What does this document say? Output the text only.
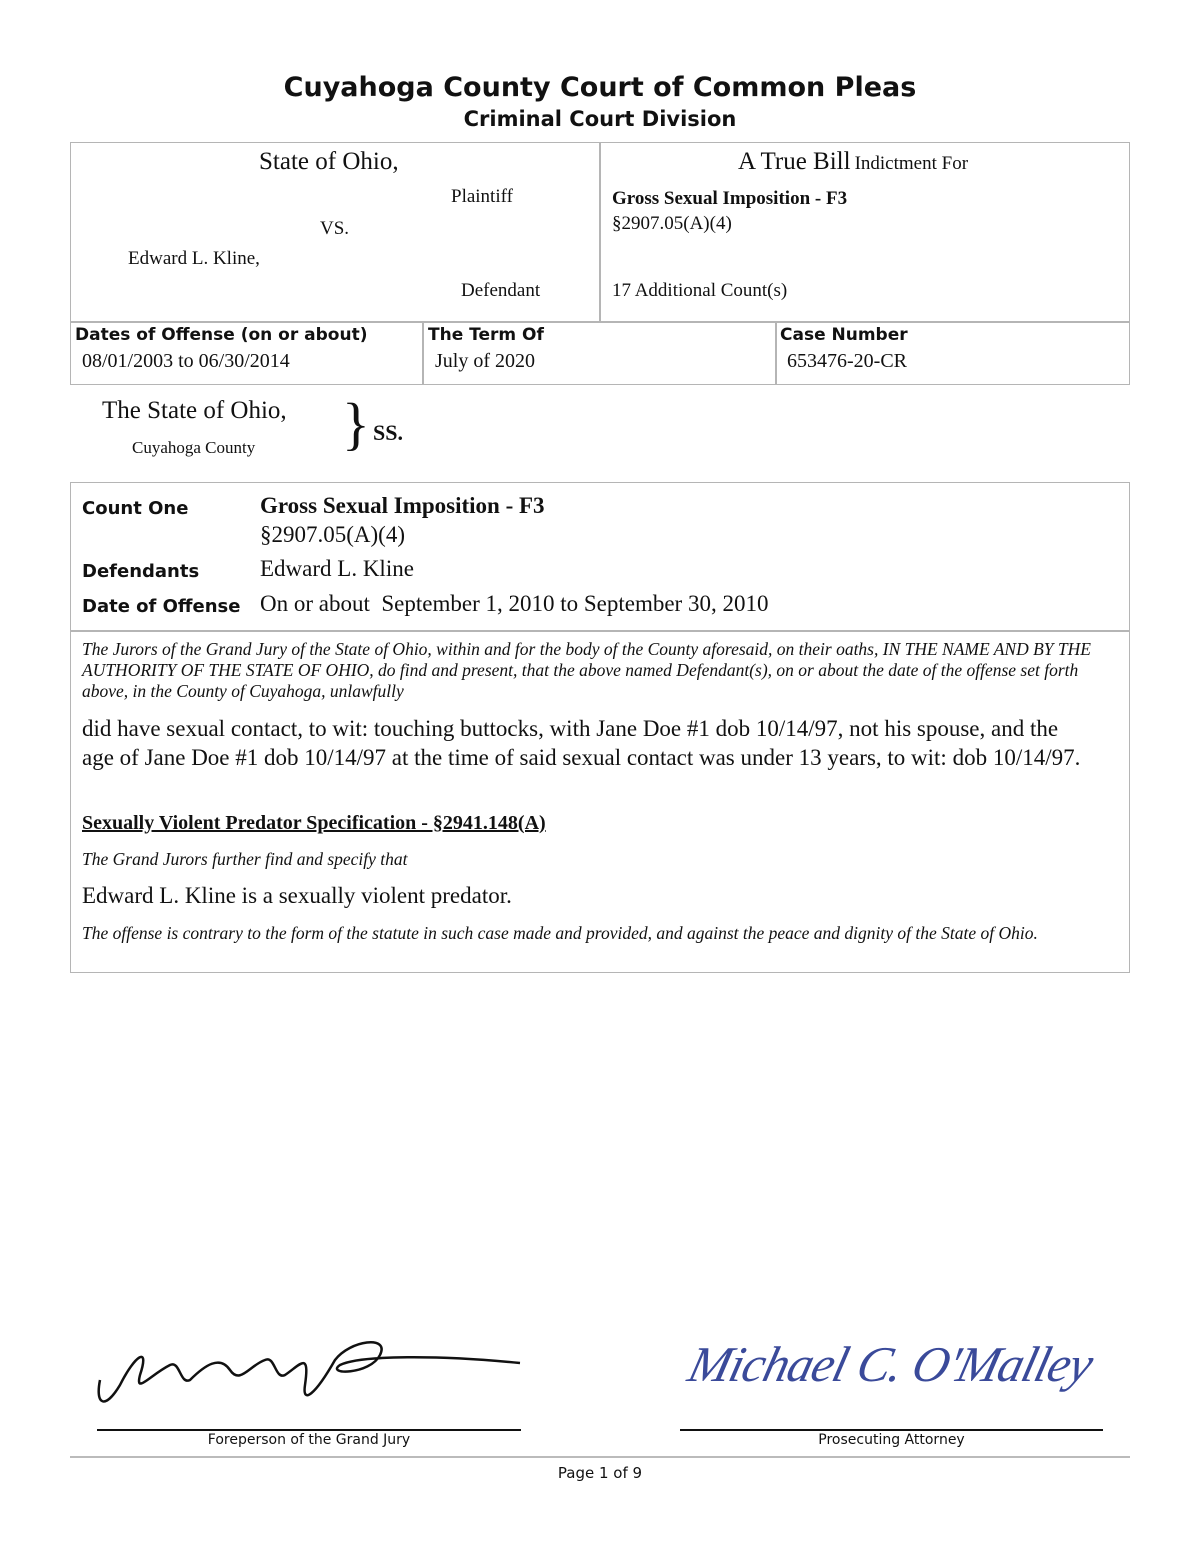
Cuyahoga County Court of Common Pleas
Criminal Court Division
State of Ohio,
Plaintiff
VS.
Edward L. Kline,
Defendant
A True Bill Indictment For
Gross Sexual Imposition - F3
§2907.05(A)(4)
17 Additional Count(s)
Dates of Offense (on or about)
08/01/2003 to 06/30/2014
The Term Of
July of 2020
Case Number
653476-20-CR
The State of Ohio,
Cuyahoga County } SS.
Count One	Gross Sexual Imposition - F3
§2907.05(A)(4)
Defendants	Edward L. Kline
Date of Offense On or about  September 1, 2010 to September 30, 2010
The Jurors of the Grand Jury of the State of Ohio, within and for the body of the County aforesaid, on their oaths, IN THE NAME AND BY THE AUTHORITY OF THE STATE OF OHIO, do find and present, that the above named Defendant(s), on or about the date of the offense set forth above, in the County of Cuyahoga, unlawfully
did have sexual contact, to wit: touching buttocks, with Jane Doe #1 dob 10/14/97, not his spouse, and the age of Jane Doe #1 dob 10/14/97 at the time of said sexual contact was under 13 years, to wit: dob 10/14/97.
Sexually Violent Predator Specification - §2941.148(A)
The Grand Jurors further find and specify that
Edward L. Kline is a sexually violent predator.
The offense is contrary to the form of the statute in such case made and provided, and against the peace and dignity of the State of Ohio.
Michael C. O'Malley
Foreperson of the Grand Jury	Prosecuting Attorney
Page 1 of 9
